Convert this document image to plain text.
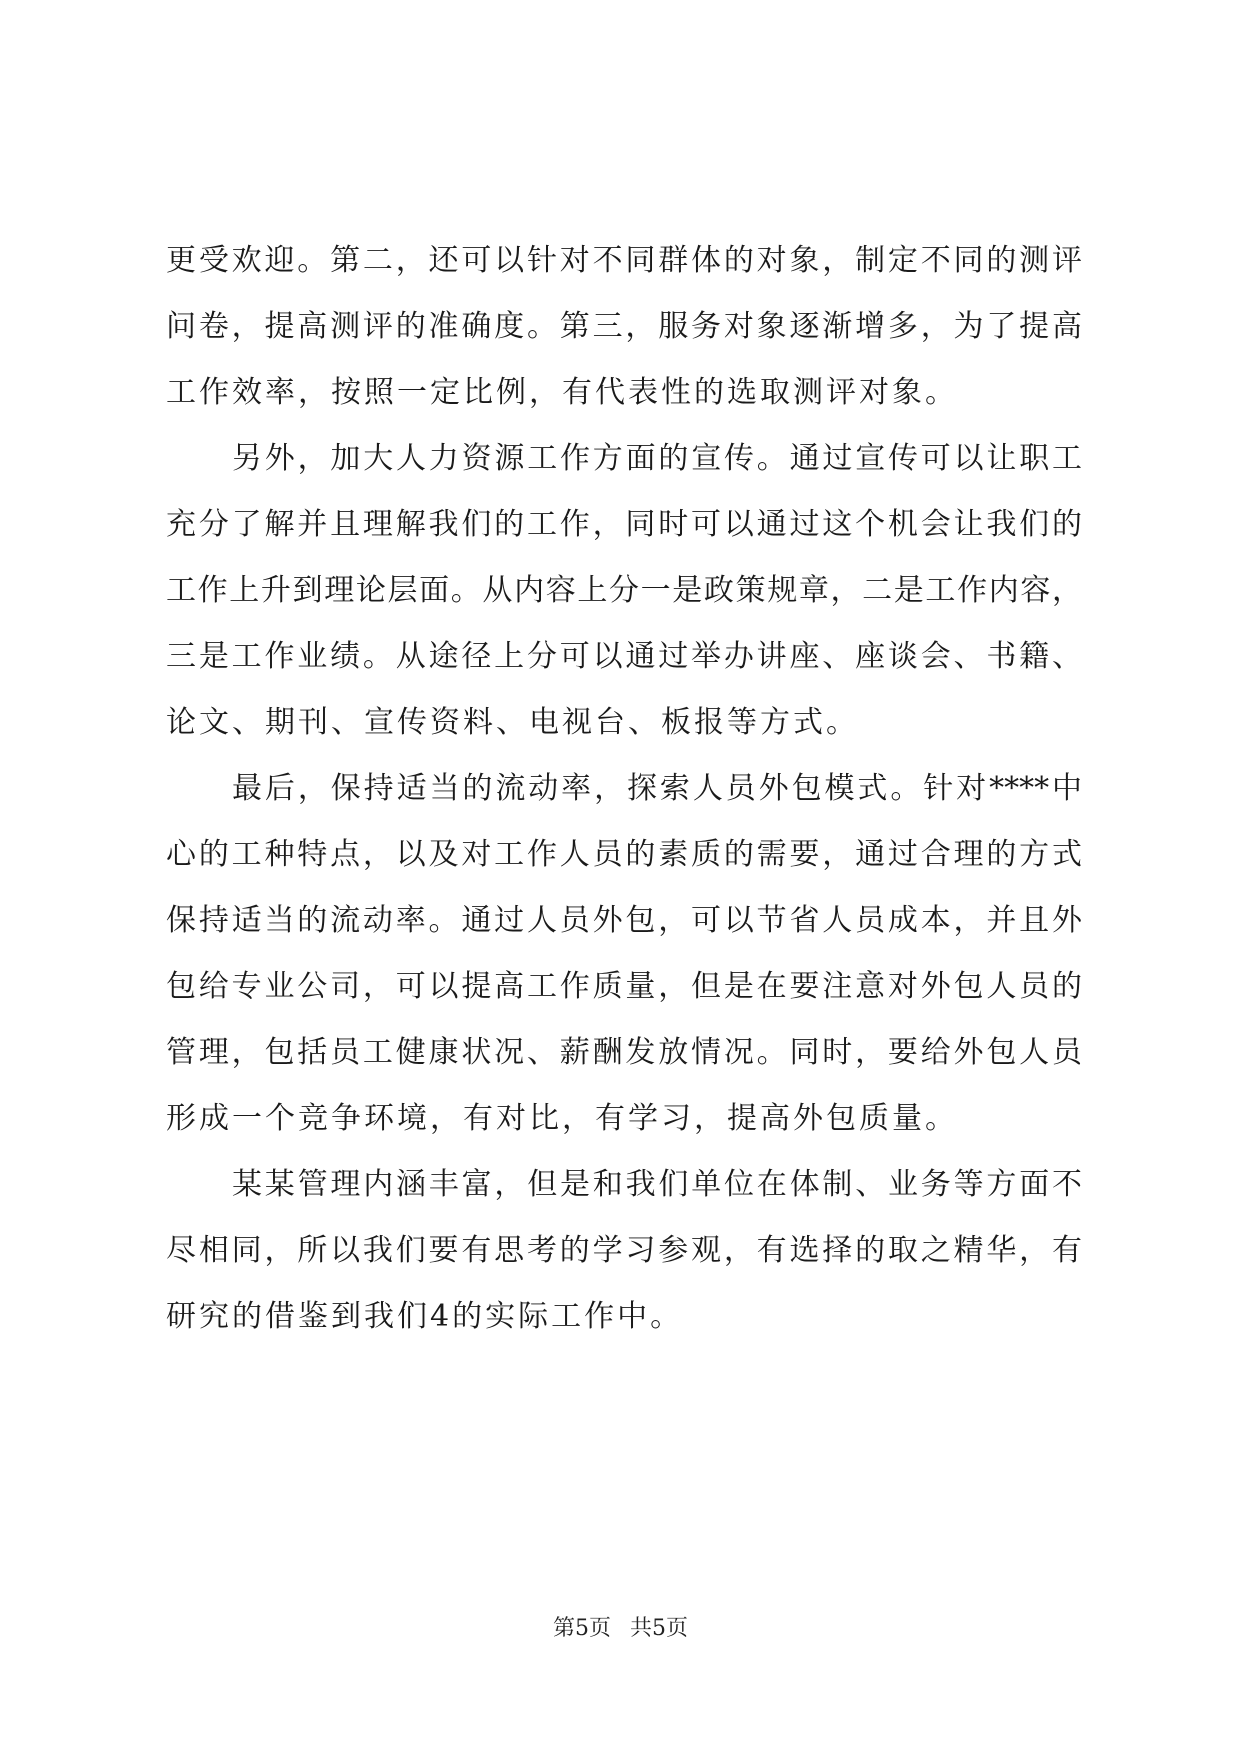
更受欢迎。第二，还可以针对不同群体的对象，制定不同的测评
问卷，提高测评的准确度。第三，服务对象逐渐增多，为了提高
工作效率，按照一定比例，有代表性的选取测评对象。
另外，加大人力资源工作方面的宣传。通过宣传可以让职工
充分了解并且理解我们的工作，同时可以通过这个机会让我们的
工作上升到理论层面。从内容上分一是政策规章，二是工作内容，
三是工作业绩。从途径上分可以通过举办讲座、座谈会、书籍、
论文、期刊、宣传资料、电视台、板报等方式。
最后，保持适当的流动率，探索人员外包模式。针对****中
心的工种特点，以及对工作人员的素质的需要，通过合理的方式
保持适当的流动率。通过人员外包，可以节省人员成本，并且外
包给专业公司，可以提高工作质量，但是在要注意对外包人员的
管理，包括员工健康状况、薪酬发放情况。同时，要给外包人员
形成一个竞争环境，有对比，有学习，提高外包质量。
某某管理内涵丰富，但是和我们单位在体制、业务等方面不
尽相同，所以我们要有思考的学习参观，有选择的取之精华，有
研究的借鉴到我们4的实际工作中。
第5页 共5页
